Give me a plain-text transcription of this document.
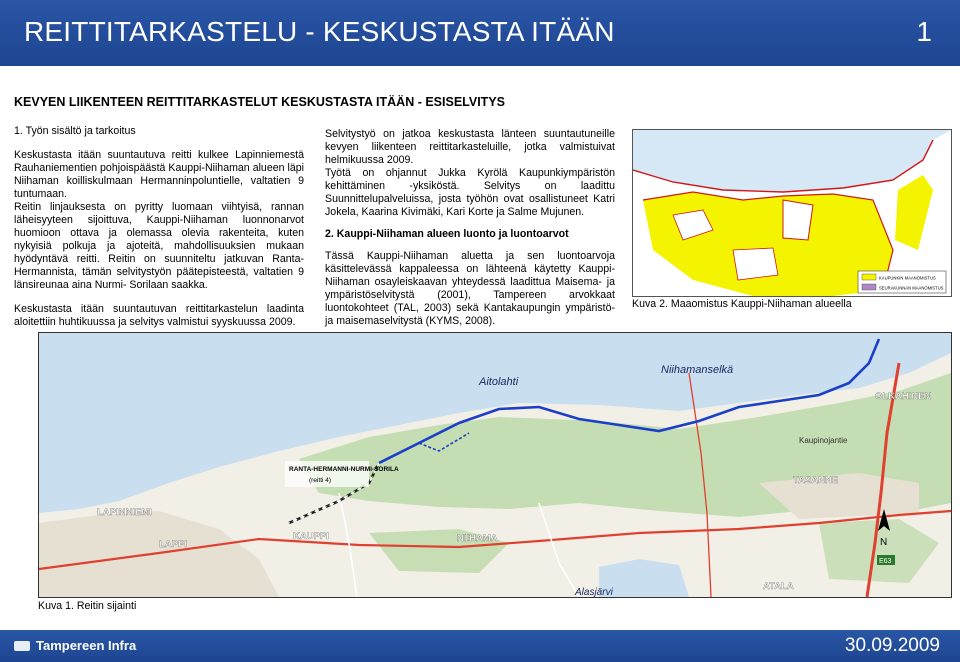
REITTITARKASTELU - KESKUSTASTA ITÄÄN	1
KEVYEN LIIKENTEEN REITTITARKASTELUT KESKUSTASTA ITÄÄN - ESISELVITYS
1. Työn sisältö ja tarkoitus

Keskustasta itään suuntautuva reitti kulkee Lapinniemestä Rauhaniementien pohjoispäästä Kauppi-Niihaman alueen läpi Niihaman koilliskulmaan Hermanninpoluntielle, valtatien 9 tuntumaan.

Reitin linjauksesta on pyritty luomaan viihtyisä, rannan läheisyyteen sijoittuva, Kauppi-Niihaman luonnonarvot huomioon ottava ja olemassa olevia rakenteita, kuten nykyisiä polkuja ja ajoteitä, mahdollisuuksien mukaan hyödyntävä reitti. Reitin on suunniteltu jatkuvan Ranta-Hermannista, tämän selvitystyön päätepisteestä, valtatien 9 länsireunaa aina Nurmi- Sorilaan saakka.

Keskustasta itään suuntautuvan reittitarkastelun laadinta aloitettiin huhtikuussa ja selvitys valmistui syyskuussa 2009.

Selvitystyö on jatkoa keskustasta länteen suuntautuneille kevyen liikenteen reittitarkasteluille, jotka valmistuivat helmikuussa 2009.

Työtä on ohjannut Jukka Kyrölä Kaupunkiympäristön kehittäminen -yksiköstä. Selvitys on laadittu Suunnittelupalveluissa, josta työhön ovat osallistuneet Katri Jokela, Kaarina Kivimäki, Kari Korte ja Salme Mujunen.

2. Kauppi-Niihaman alueen luonto ja luontoarvot

Tässä Kauppi-Niihaman aluetta ja sen luontoarvoja käsittelevässä kappaleessa on lähteenä käytetty Kauppi-Niihaman osayleiskaavan yhteydessä laadittua Maisema- ja ympäristöselvitystä (2001), Tampereen arvokkaat luontokohteet (TAL, 2003) sekä Kantakaupungin ympäristö- ja maisemaselvitystä (KYMS, 2008).

KAUPUNKIN MAANOMISTUS
SEURAKUNNAN MAANOMISTUS
Kuva 2. Maaomistus Kauppi-Niihaman alueella
Aitolahti
Niihamanselkä
Kaupinojantie
OLKAHINEN
LAPINNIEMI
LAPPI
KAUPPI	NIIHAMA
TASANNE
ATALA
Alasjärvi
RANTA-HERMANNI-NURMI-SORILA
(reitti 4)
E63
N
Kuva 1. Reitin sijainti
Tampereen Infra	30.09.2009
